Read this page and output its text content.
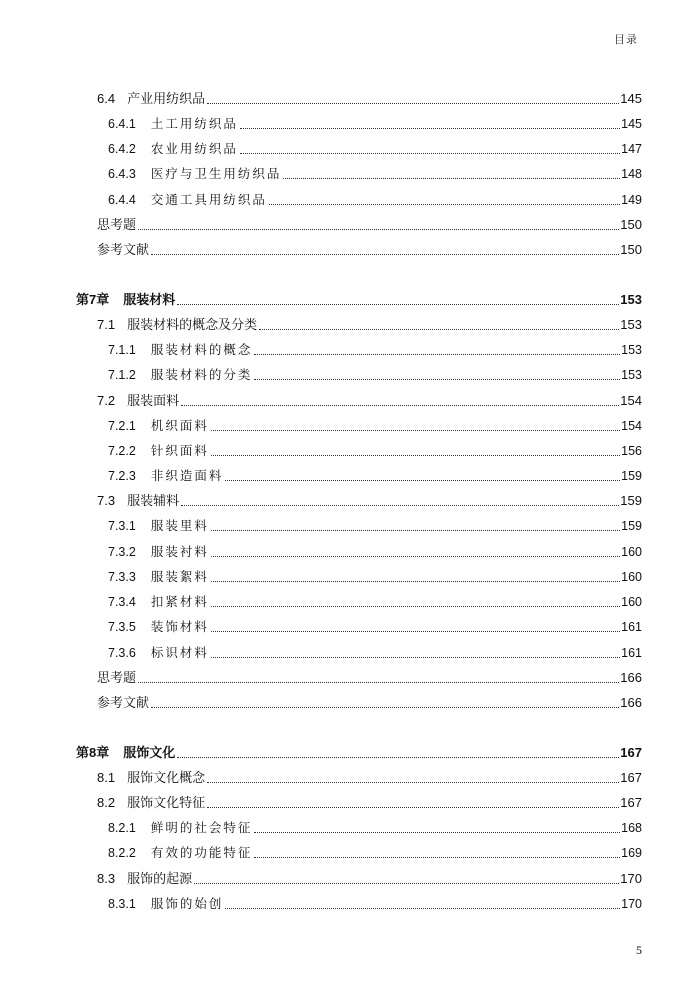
目录
6.4 产业用纺织品	145
6.4.1 土工用纺织品	145
6.4.2 农业用纺织品	147
6.4.3 医疗与卫生用纺织品	148
6.4.4 交通工具用纺织品	149
思考题	150
参考文献	150
第7章 服装材料	153
7.1 服装材料的概念及分类	153
7.1.1 服装材料的概念	153
7.1.2 服装材料的分类	153
7.2 服装面料	154
7.2.1 机织面料	154
7.2.2 针织面料	156
7.2.3 非织造面料	159
7.3 服装辅料	159
7.3.1 服装里料	159
7.3.2 服装衬料	160
7.3.3 服装絮料	160
7.3.4 扣紧材料	160
7.3.5 装饰材料	161
7.3.6 标识材料	161
思考题	166
参考文献	166
第8章 服饰文化	167
8.1 服饰文化概念	167
8.2 服饰文化特征	167
8.2.1 鲜明的社会特征	168
8.2.2 有效的功能特征	169
8.3 服饰的起源	170
8.3.1 服饰的始创	170
5
